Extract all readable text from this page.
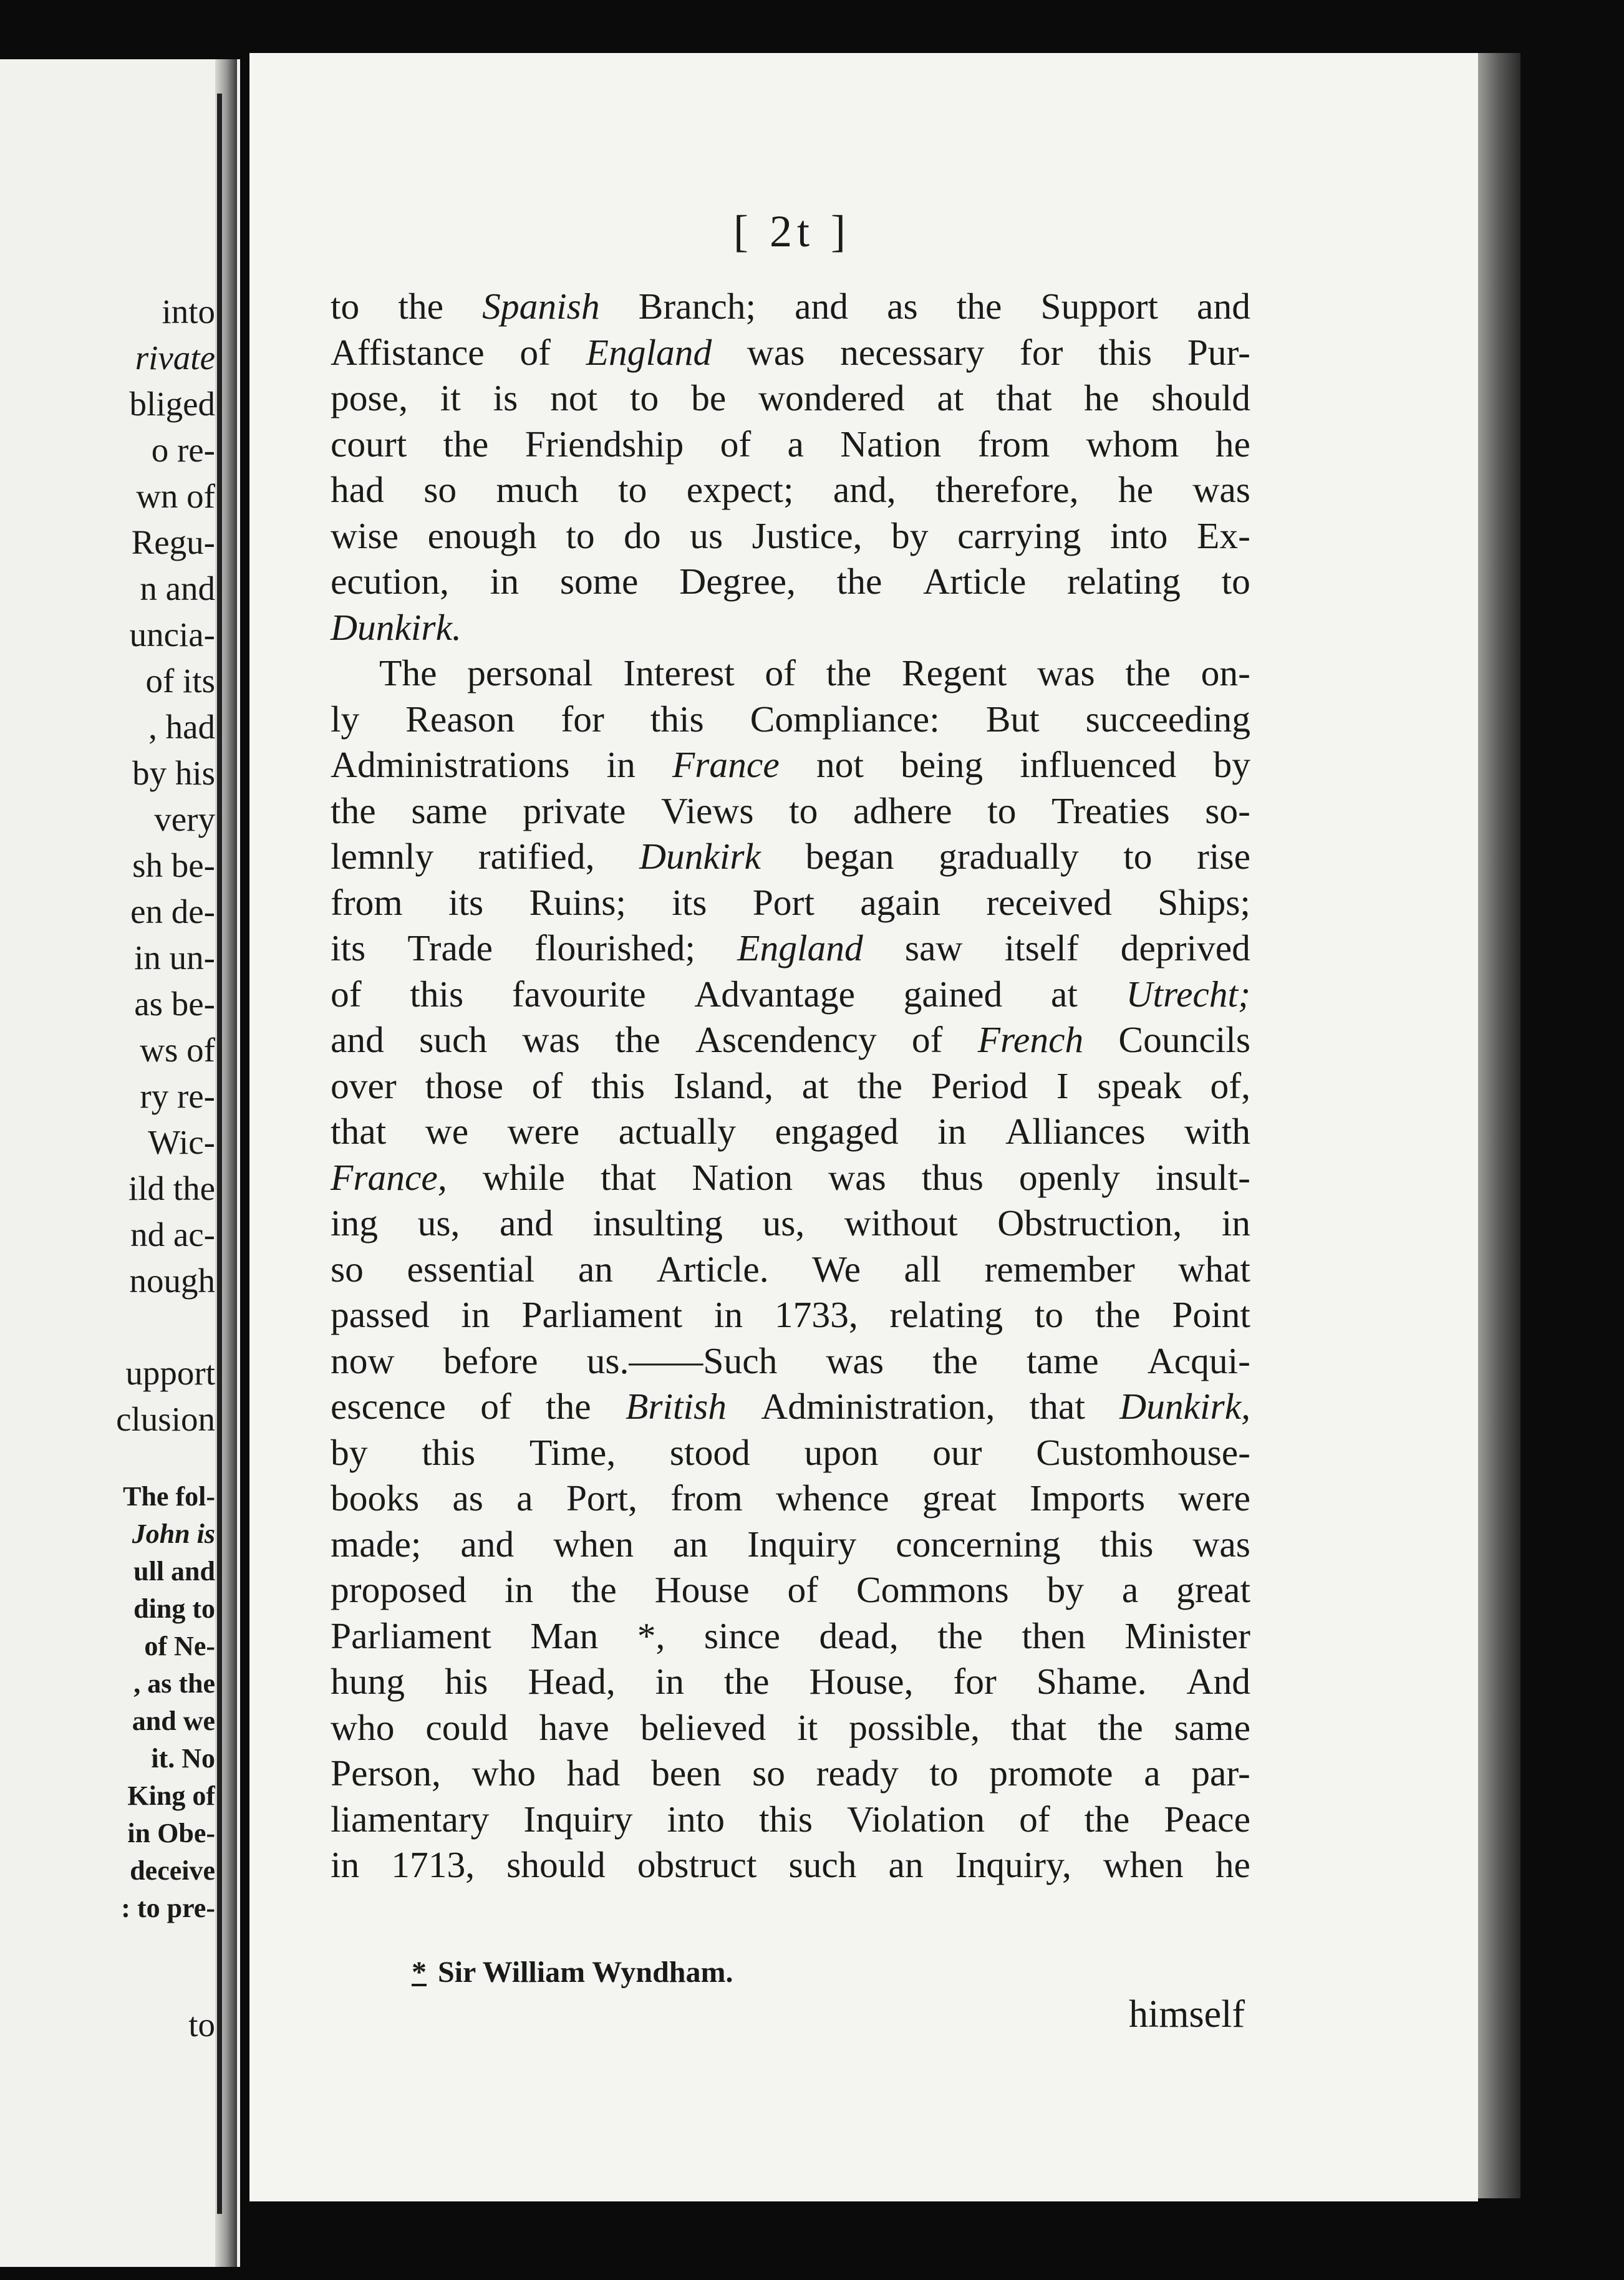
into
rivate
bliged
o re-
wn of
Regu-
n and
uncia-
of its
, had
by his
very
sh be-
en de-
in un-
as be-
ws of
ry re-
Wic-
ild the
nd ac-
nough
upport
clusion
The fol-
John is
ull and
ding to
of Ne-
, as the
and we
it. No
King of
in Obe-
deceive
: to pre-
to
[ 2t ]
to the Spanish Branch; and as the Support and
Affistance of England was necessary for this Pur-
pose, it is not to be wondered at that he should
court the Friendship of a Nation from whom he
had so much to expect; and, therefore, he was
wise enough to do us Justice, by carrying into Ex-
ecution, in some Degree, the Article relating to
Dunkirk.
The personal Interest of the Regent was the on-
ly Reason for this Compliance: But succeeding
Administrations in France not being influenced by
the same private Views to adhere to Treaties so-
lemnly ratified, Dunkirk began gradually to rise
from its Ruins; its Port again received Ships;
its Trade flourished; England saw itself deprived
of this favourite Advantage gained at Utrecht;
and such was the Ascendency of French Councils
over those of this Island, at the Period I speak of,
that we were actually engaged in Alliances with
France, while that Nation was thus openly insult-
ing us, and insulting us, without Obstruction, in
so essential an Article. We all remember what
passed in Parliament in 1733, relating to the Point
now before us.——Such was the tame Acqui-
escence of the British Administration, that Dunkirk,
by this Time, stood upon our Customhouse-
books as a Port, from whence great Imports were
made; and when an Inquiry concerning this was
proposed in the House of Commons by a great
Parliament Man *, since dead, the then Minister
hung his Head, in the House, for Shame. And
who could have believed it possible, that the same
Person, who had been so ready to promote a par-
liamentary Inquiry into this Violation of the Peace
in 1713, should obstruct such an Inquiry, when he
* Sir William Wyndham.
himself
